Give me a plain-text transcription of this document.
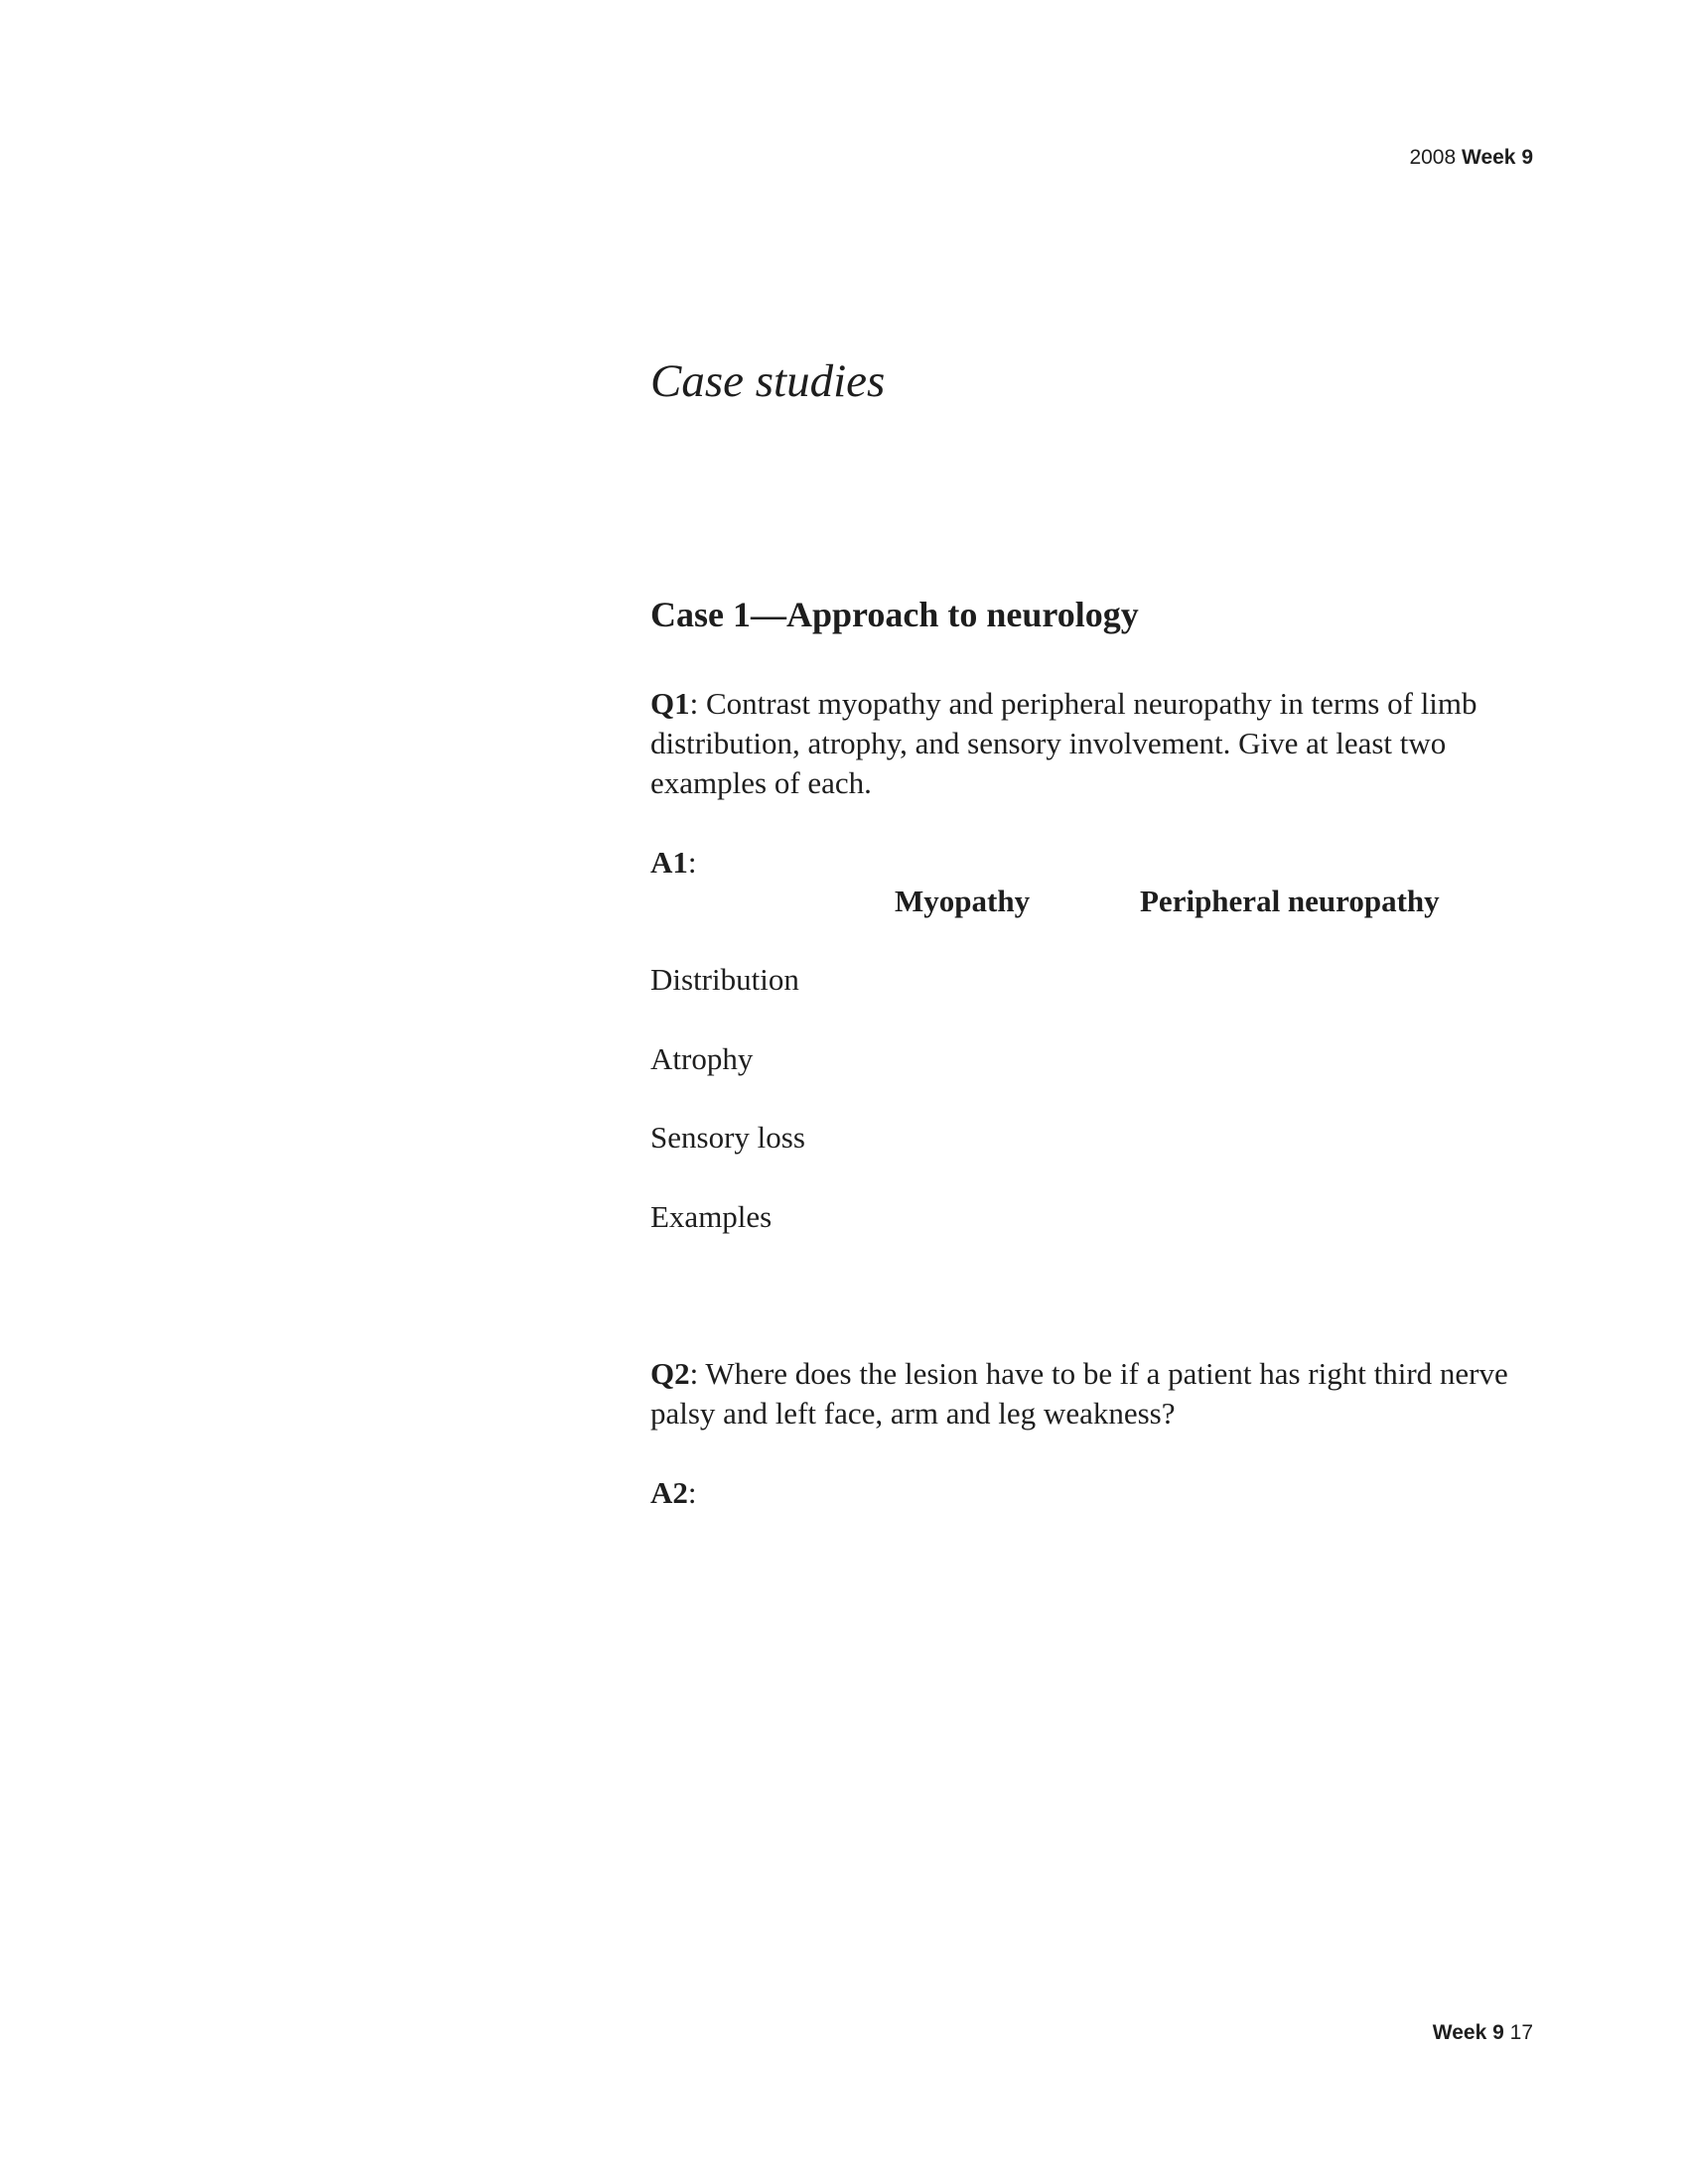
2008 Week 9
Case studies
Case 1—Approach to neurology
Q1: Contrast myopathy and peripheral neuropathy in terms of limb distribution, atrophy, and sensory involvement. Give at least two examples of each.
A1:
Myopathy	Peripheral neuropathy
Distribution
Atrophy
Sensory loss
Examples
Q2: Where does the lesion have to be if a patient has right third nerve palsy and left face, arm and leg weakness?
A2:
Week 9 17
